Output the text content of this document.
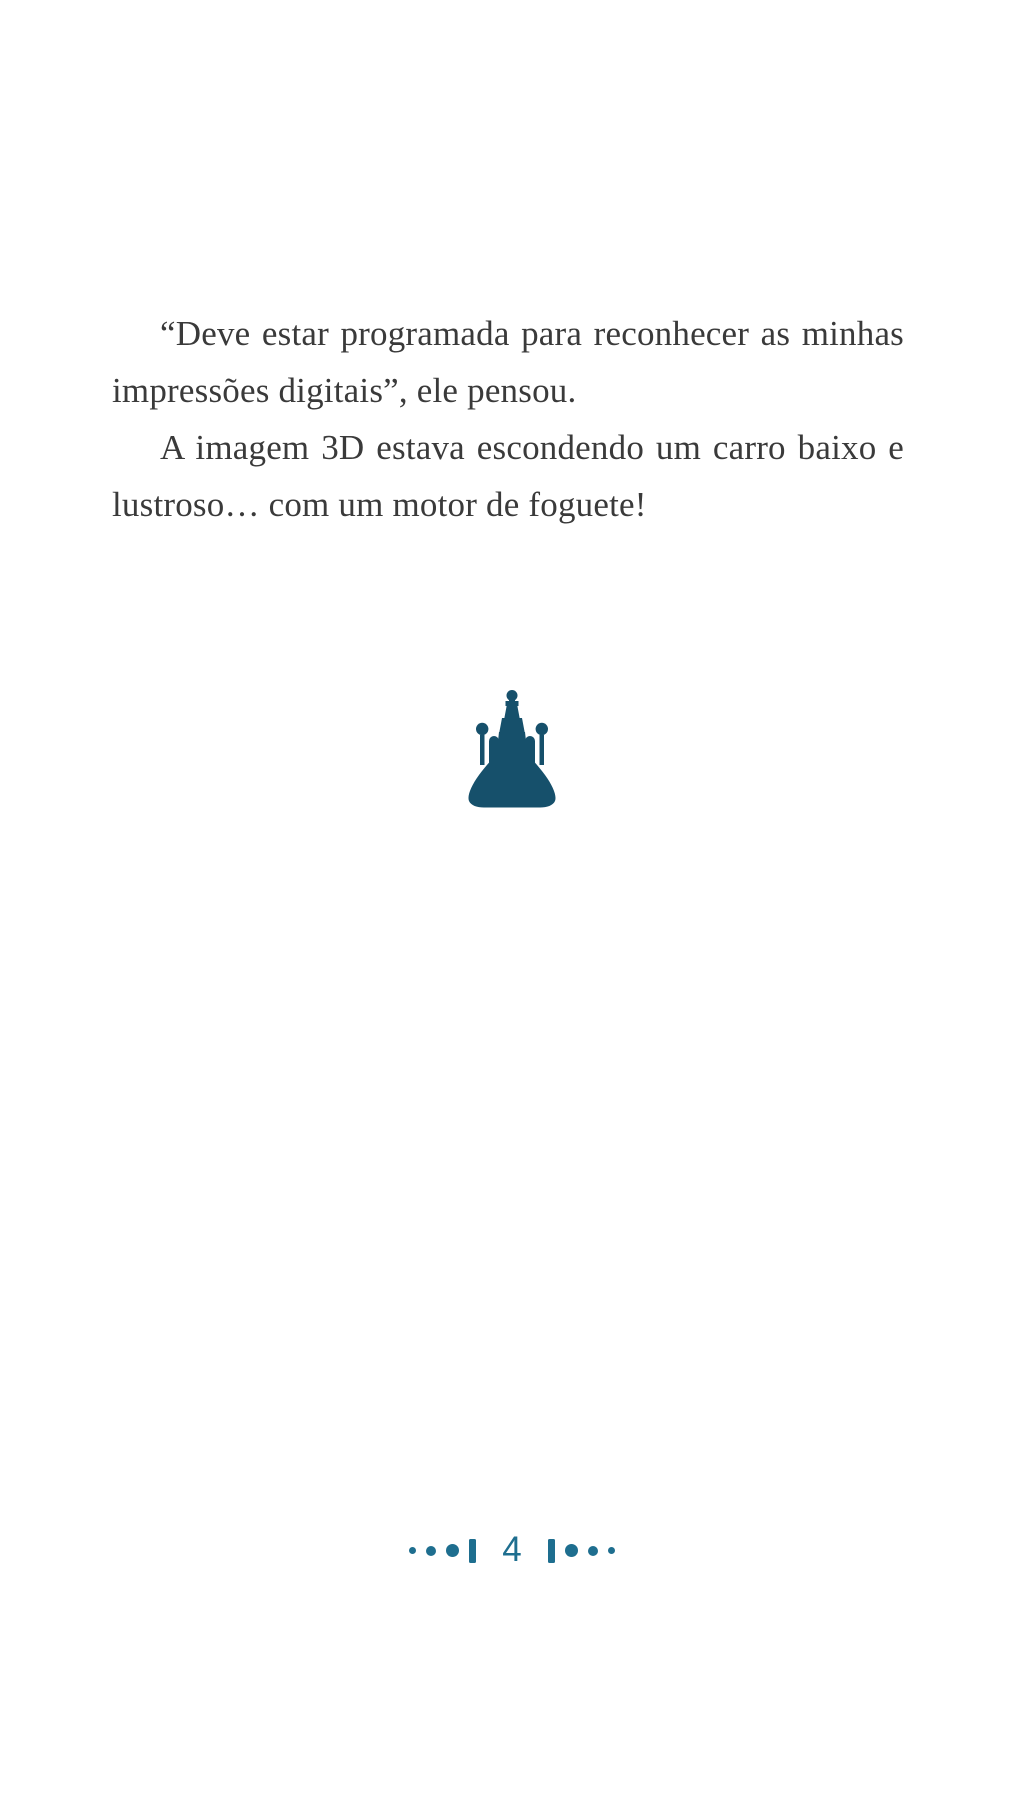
“Deve estar programada para reconhecer as minhas impressões digitais”, ele pensou.

A imagem 3D estava escondendo um carro baixo e lustroso… com um motor de foguete!

4
